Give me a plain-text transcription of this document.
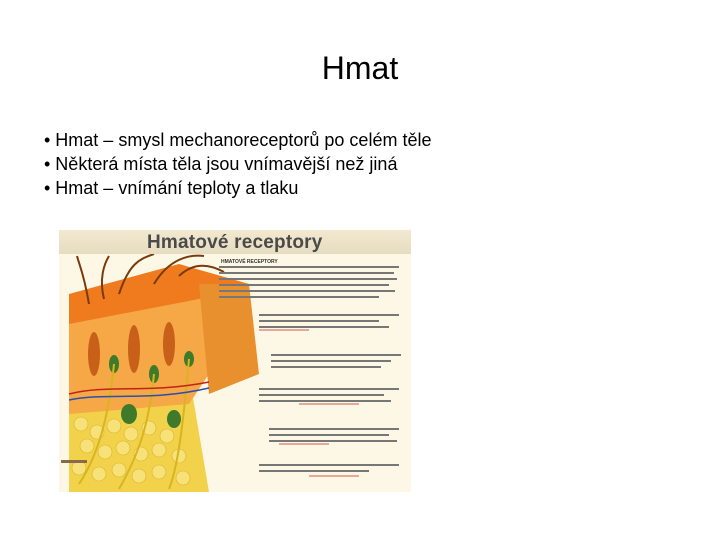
Hmat
• Hmat – smysl mechanoreceptorů po celém těle
• Některá místa těla jsou vnímavější než jiná
• Hmat – vnímání teploty a tlaku
Hmatové receptory
HMATOVÉ RECEPTORY
